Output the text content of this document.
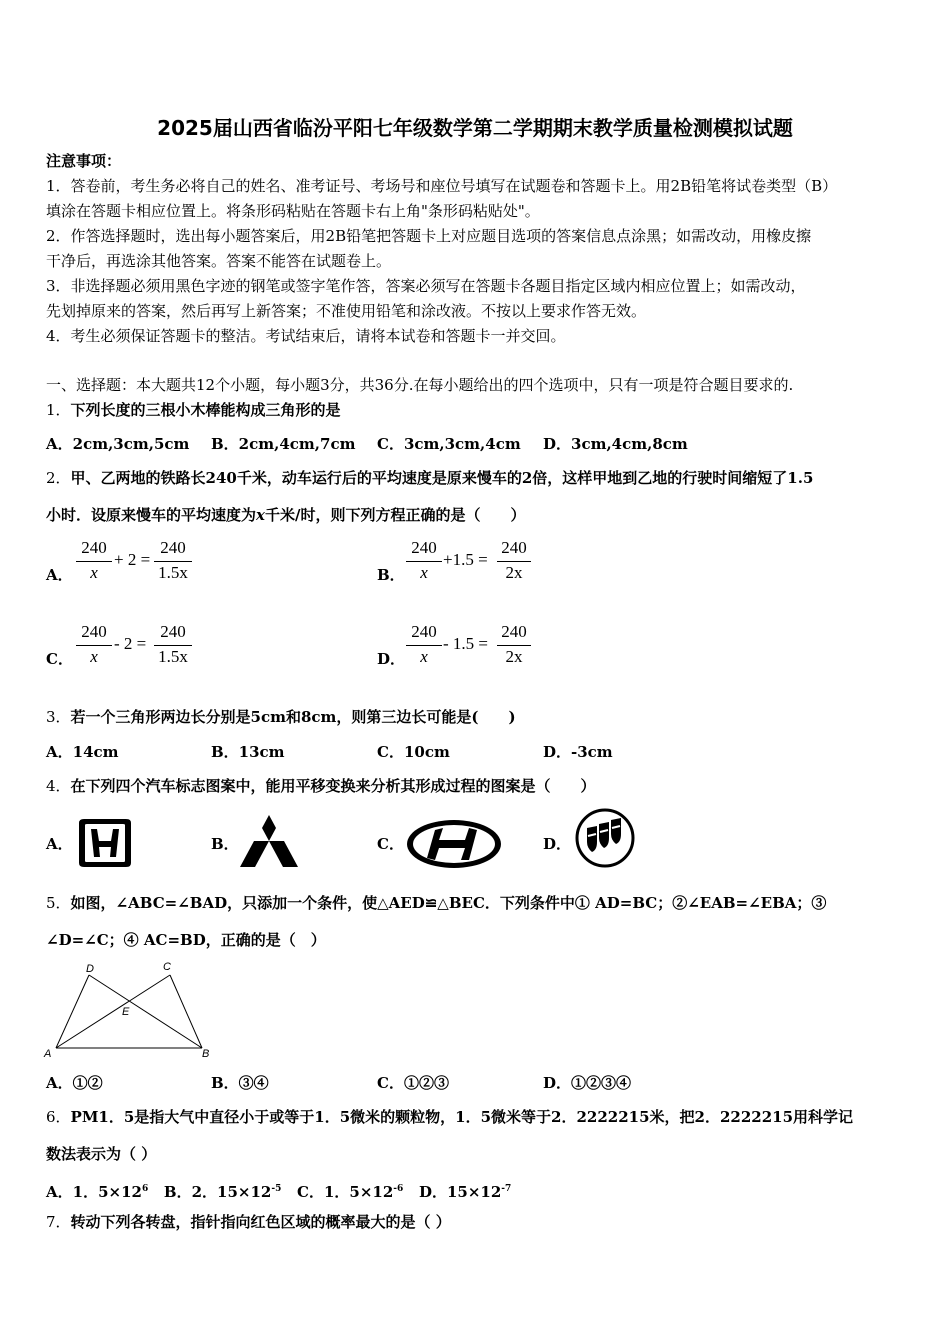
2025届山西省临汾平阳七年级数学第二学期期末教学质量检测模拟试题
注意事项：
1．答卷前，考生务必将自己的姓名、准考证号、考场号和座位号填写在试题卷和答题卡上。用2B铅笔将试卷类型（B）
填涂在答题卡相应位置上。将条形码粘贴在答题卡右上角"条形码粘贴处"。
2．作答选择题时，选出每小题答案后，用2B铅笔把答题卡上对应题目选项的答案信息点涂黑；如需改动，用橡皮擦
干净后，再选涂其他答案。答案不能答在试题卷上。
3．非选择题必须用黑色字迹的钢笔或签字笔作答，答案必须写在答题卡各题目指定区域内相应位置上；如需改动，
先划掉原来的答案，然后再写上新答案；不准使用铅笔和涂改液。不按以上要求作答无效。
4．考生必须保证答题卡的整洁。考试结束后，请将本试卷和答题卡一并交回。
一、选择题：本大题共12个小题，每小题3分，共36分.在每小题给出的四个选项中，只有一项是符合题目要求的.
1．下列长度的三根小木棒能构成三角形的是
A．2cm,3cm,5cm B．2cm,4cm,7cm C．3cm,3cm,4cm D．3cm,4cm,8cm
2．甲、乙两地的铁路长240千米，动车运行后的平均速度是原来慢车的2倍，这样甲地到乙地的行驶时间缩短了1.5
小时．设原来慢车的平均速度为x千米/时，则下列方程正确的是（　　）
A．
240
x
+ 2 =
240
1.5x	B．
240
x
+1.5 =
240
2x
C．
240
x
- 2 =
240
1.5x	D．
240
x
- 1.5 =
240
2x
3．若一个三角形两边长分别是5cm和8cm，则第三边长可能是(　　)
A．14cm	B．13cm	C．10cm	D．-3cm
4．在下列四个汽车标志图案中，能用平移变换来分析其形成过程的图案是（　　）
A．	B．	C．	D．
5．如图，∠ABC=∠BAD，只添加一个条件，使△AED≌△BEC．下列条件中① AD=BC；②∠EAB=∠EBA；③
∠D=∠C；④ AC=BD，正确的是（　）
A	B
C
D
E
A．①②	B．③④	C．①②③	D．①②③④
6．PM1．5是指大气中直径小于或等于1．5微米的颗粒物，1．5微米等于2．2222215米，把2．2222215用科学记
数法表示为（ ）
A．1．$5\times 12^6$ B．2．$15\times 12^{-5}$ C．1．$5\times 12^{-6}$ D．$15\times 12^{-7}$
7．转动下列各转盘，指针指向红色区域的概率最大的是（ ）
